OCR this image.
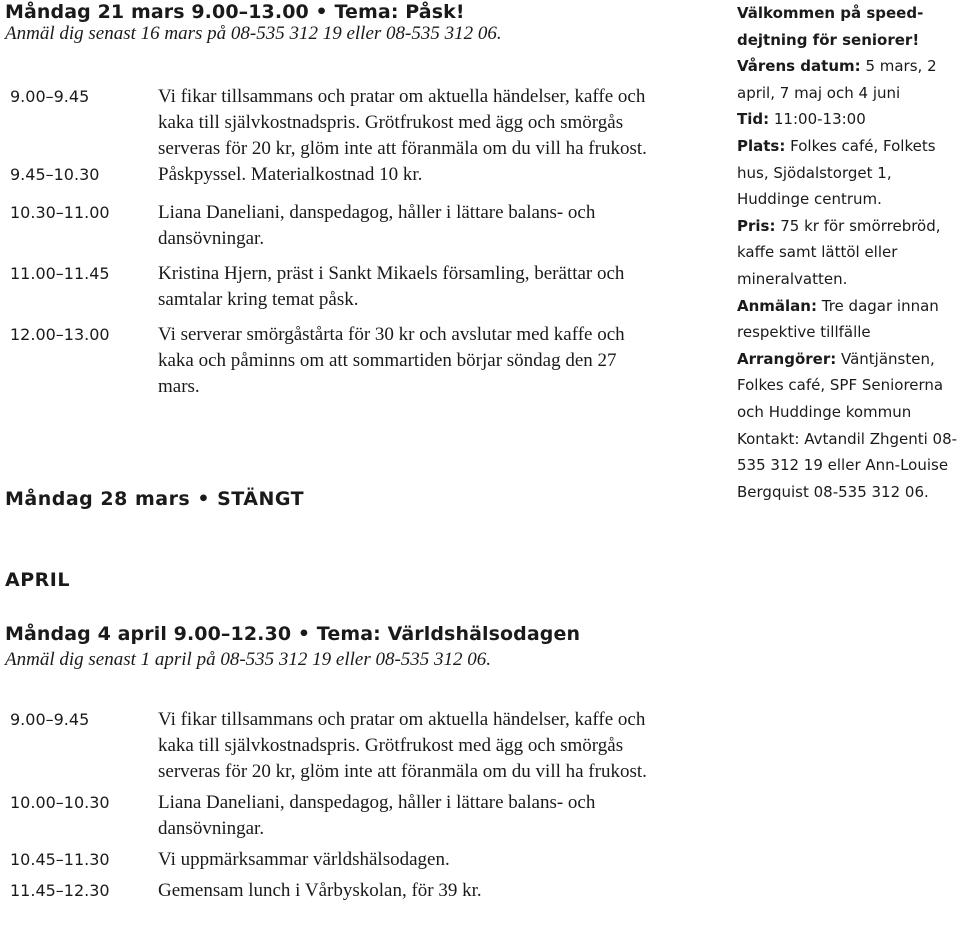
Måndag 21 mars 9.00–13.00 • Tema: Påsk!

Anmäl dig senast 16 mars på 08-535 312 19 eller 08-535 312 06.

9.00–9.45	Vi fikar tillsammans och pratar om aktuella händelser, kaffe och kaka till självkostnadspris. Grötfrukost med ägg och smörgås serveras för 20 kr, glöm inte att föranmäla om du vill ha frukost.
9.45–10.30	Påskpyssel. Materialkostnad 10 kr.
10.30–11.00	Liana Daneliani, danspedagog, håller i lättare balans- och dansövningar.
11.00–11.45	Kristina Hjern, präst i Sankt Mikaels församling, berättar och samtalar kring temat påsk.
12.00–13.00	Vi serverar smörgåstårta för 30 kr och avslutar med kaffe och kaka och påminns om att sommartiden börjar söndag den 27 mars.
Måndag 28 mars • STÄNGT
APRIL
Måndag 4 april 9.00–12.30 • Tema: Världshälsodagen

Anmäl dig senast 1 april på 08-535 312 19 eller 08-535 312 06.

9.00–9.45	Vi fikar tillsammans och pratar om aktuella händelser, kaffe och kaka till självkostnadspris. Grötfrukost med ägg och smörgås serveras för 20 kr, glöm inte att föranmäla om du vill ha frukost.
10.00–10.30	Liana Daneliani, danspedagog, håller i lättare balans- och dansövningar.
10.45–11.30	Vi uppmärksammar världshälsodagen.
11.45–12.30	Gemensam lunch i Vårbyskolan, för 39 kr.

Välkommen på speed-dejtning för seniorer!

Vårens datum: 5 mars, 2 april, 7 maj och 4 juni

Tid: 11:00-13:00

Plats: Folkes café, Folkets hus, Sjödalstorget 1, Huddinge centrum.

Pris: 75 kr för smörrebröd, kaffe samt lättöl eller mineralvatten.

Anmälan: Tre dagar innan respektive tillfälle

Arrangörer: Väntjänsten, Folkes café, SPF Seniorerna och Huddinge kommun

Kontakt: Avtandil Zhgenti 08-535 312 19 eller Ann-Louise Bergquist 08-535 312 06.
